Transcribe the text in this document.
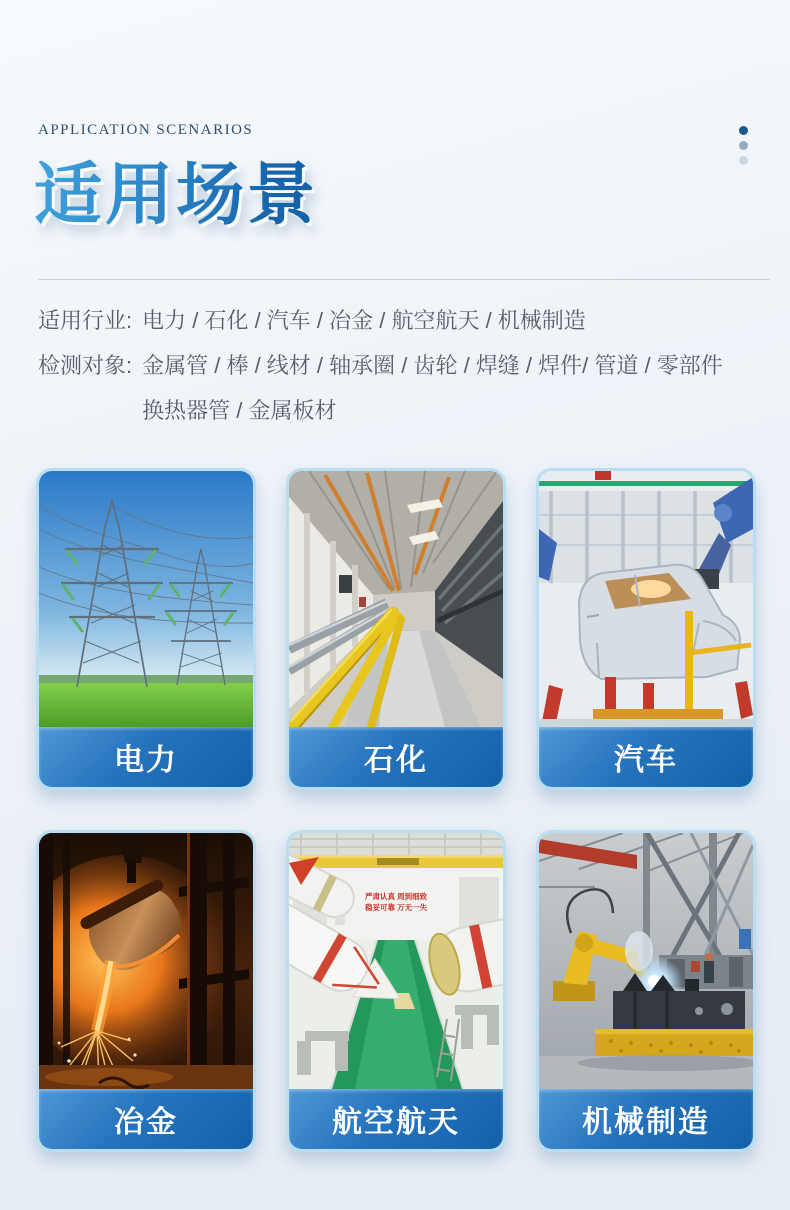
APPLICATION SCENARIOS
适用场景
适用行业: 电力 / 石化 / 汽车 / 冶金 / 航空航天 / 机械制造
检测对象: 金属管 / 棒 / 线材 / 轴承圈 / 齿轮 / 焊缝 / 焊件/ 管道 / 零部件
换热器管 / 金属板材
电力	石化	汽车
冶金
严肃认真 周到细致
稳妥可靠 万无一失
航空航天	机械制造
